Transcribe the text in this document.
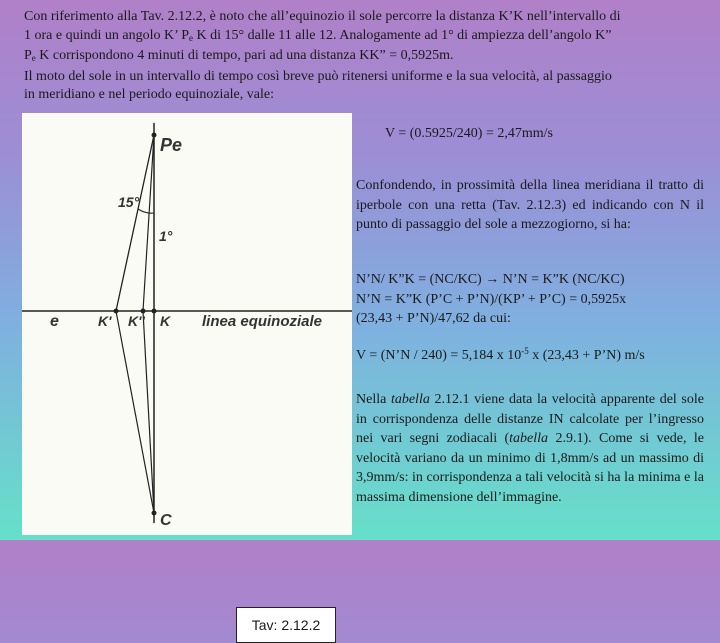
Con riferimento alla Tav. 2.12.2, è noto che all’equinozio il sole percorre la distanza K’K nell’intervallo di

1 ora e quindi un angolo K’ $P_e$ K di 15° dalle 11 alle 12. Analogamente ad 1° di ampiezza dell’angolo K”

$P_e$ K corrispondono 4 minuti di tempo, pari ad una distanza KK” = 0,5925m.

Il moto del sole in un intervallo di tempo così breve può ritenersi uniforme e la sua velocità, al passaggio

in meridiano e nel periodo equinoziale, vale:

Pe
15°
1°
e	K' K'' K linea equinoziale
C
Tav: 2.12.2
V = (0.5925/240) = 2,47mm/s
Confondendo, in prossimità della linea meridiana il tratto di iperbole con una retta (Tav. 2.12.3) ed indicando con N il punto di passaggio del sole a mezzogiorno, si ha:
N’N/ K”K = (NC/KC) → N’N = K”K (NC/KC)
N’N = K”K (P’C + P’N)/(KP’ + P’C) = 0,5925x
(23,43 + P’N)/47,62 da cui:
V = (N’N / 240) = 5,184 x $10^{-5}$ x (23,43 + P’N) m/s
Nella tabella 2.12.1 viene data la velocità apparente del sole in corrispondenza delle distanze IN calcolate per l’ingresso nei vari segni zodiacali (tabella 2.9.1). Come si vede, le velocità variano da un minimo di 1,8mm/s ad un massimo di 3,9mm/s: in corrispondenza a tali velocità si ha la minima e la massima dimensione dell’immagine.
